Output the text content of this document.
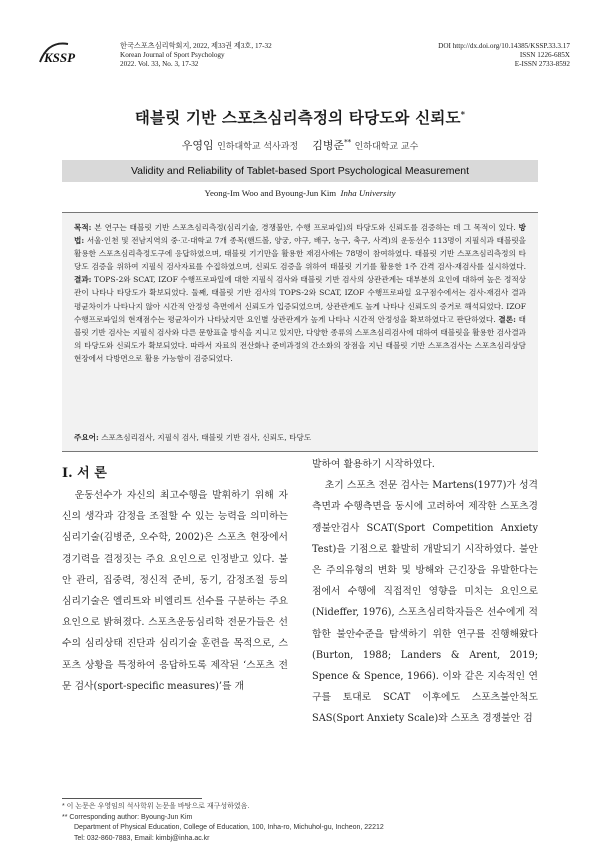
KSSP
한국스포츠심리학회지, 2022, 제33권 제3호, 17-32
Korean Journal of Sport Psychology
2022. Vol. 33, No. 3, 17-32
DOI http://dx.doi.org/10.14385/KSSP.33.3.17
ISSN 1226-685X
E-ISSN 2733-8592
태블릿 기반 스포츠심리측정의 타당도와 신뢰도*
우영임 인하대학교 석사과정 김병준** 인하대학교 교수
Validity and Reliability of Tablet-based Sport Psychological Measurement
Yeong-Im Woo and Byoung-Jun Kim Inha University
목적: 본 연구는 태블릿 기반 스포츠심리측정(심리기술, 경쟁불안, 수행 프로파일)의 타당도와 신뢰도를 검증하는 데 그 목적이 있다. 방법: 서울·인천 및 전남지역의 중·고·대학교 7개 종목(핸드볼, 양궁, 야구, 배구, 농구, 축구, 사격)의 운동선수 113명이 지필식과 태블릿을 활용한 스포츠심리측정도구에 응답하였으며, 태블릿 기기만을 활용한 재검사에는 78명이 참여하였다. 태블릿 기반 스포츠심리측정의 타당도 검증을 위하여 지필식 검사자료를 수집하였으며, 신뢰도 검증을 위하여 태블릿 기기를 활용한 1주 간격 검사-재검사를 실시하였다. 결과: TOPS-2와 SCAT, IZOF 수행프로파일에 대한 지필식 검사와 태블릿 기반 검사의 상관관계는 대부분의 요인에 대하여 높은 정적상관이 나타나 타당도가 확보되었다. 둘째, 태블릿 기반 검사의 TOPS-2와 SCAT, IZOF 수행프로파일 요구점수에서는 검사-재검사 결과 평균차이가 나타나지 않아 시간적 안정성 측면에서 신뢰도가 입증되었으며, 상관관계도 높게 나타나 신뢰도의 증거로 해석되었다. IZOF 수행프로파일의 현재점수는 평균차이가 나타났지만 요인별 상관관계가 높게 나타나 시간적 안정성을 확보하였다고 판단하였다. 결론: 태블릿 기반 검사는 지필식 검사와 다른 문항표출 방식을 지니고 있지만, 다양한 종류의 스포츠심리검사에 대하여 태블릿을 활용한 검사결과의 타당도와 신뢰도가 확보되었다. 따라서 자료의 전산화나 준비과정의 간소화의 장점을 지닌 태블릿 기반 스포츠검사는 스포츠심리상담 현장에서 다방면으로 활용 가능함이 검증되었다.
주요어: 스포츠심리검사, 지필식 검사, 태블릿 기반 검사, 신뢰도, 타당도
I. 서 론

운동선수가 자신의 최고수행을 발휘하기 위해 자신의 생각과 감정을 조절할 수 있는 능력을 의미하는 심리기술(김병준, 오수학, 2002)은 스포츠 현장에서 경기력을 결정짓는 주요 요인으로 인정받고 있다. 불안 관리, 집중력, 정신적 준비, 동기, 감정조절 등의 심리기술은 엘리트와 비엘리트 선수를 구분하는 주요요인으로 밝혀졌다. 스포츠운동심리학 전문가들은 선수의 심리상태 진단과 심리기술 훈련을 목적으로, 스포츠 상황을 특정하여 응답하도록 제작된 ‘스포츠 전문 검사(sport-specific measures)’를 개

발하여 활용하기 시작하였다.

초기 스포츠 전문 검사는 Martens(1977)가 성격측면과 수행측면을 동시에 고려하여 제작한 스포츠경쟁불안검사 SCAT(Sport Competition Anxiety Test)을 기점으로 활발히 개발되기 시작하였다. 불안은 주의유형의 변화 및 방해와 근긴장을 유발한다는 점에서 수행에 직접적인 영향을 미치는 요인으로(Nideffer, 1976), 스포츠심리학자들은 선수에게 적합한 불안수준을 탐색하기 위한 연구를 진행해왔다(Burton, 1988; Landers & Arent, 2019; Spence & Spence, 1966). 이와 같은 지속적인 연구를 토대로 SCAT 이후에도 스포츠불안척도 SAS(Sport Anxiety Scale)와 스포츠 경쟁불안 검

* 이 논문은 우영임의 석사학위 논문을 바탕으로 재구성하였음.
** Corresponding author: Byoung-Jun Kim
Department of Physical Education, College of Education, 100, Inha-ro, Michuhol-gu, Incheon, 22212
Tel: 032-860-7883, Email: kimbj@inha.ac.kr
